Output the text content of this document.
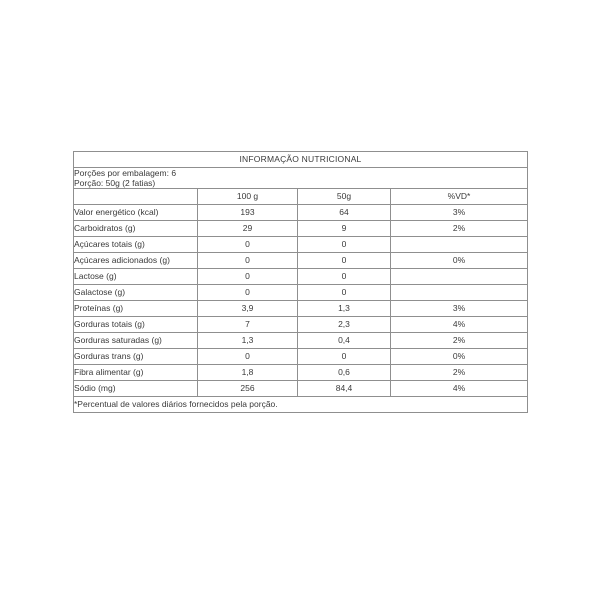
INFORMAÇÃO NUTRICIONAL			

Porções por embalagem: 6
Porção: 50g (2 fatias)			

	100 g	50g	%VD*
Valor energético (kcal)	193	64	3%
Carboidratos (g)	29	9	2%
Açúcares totais (g)	0	0	
Açúcares adicionados (g)	0	0	0%
Lactose (g)	0	0	
Galactose (g)	0	0	
Proteínas (g)	3,9	1,3	3%
Gorduras totais (g)	7	2,3	4%
Gorduras saturadas (g)	1,3	0,4	2%
Gorduras trans (g)	0	0	0%
Fibra alimentar (g)	1,8	0,6	2%
Sódio (mg)	256	84,4	4%
*Percentual de valores diários fornecidos pela porção.			
